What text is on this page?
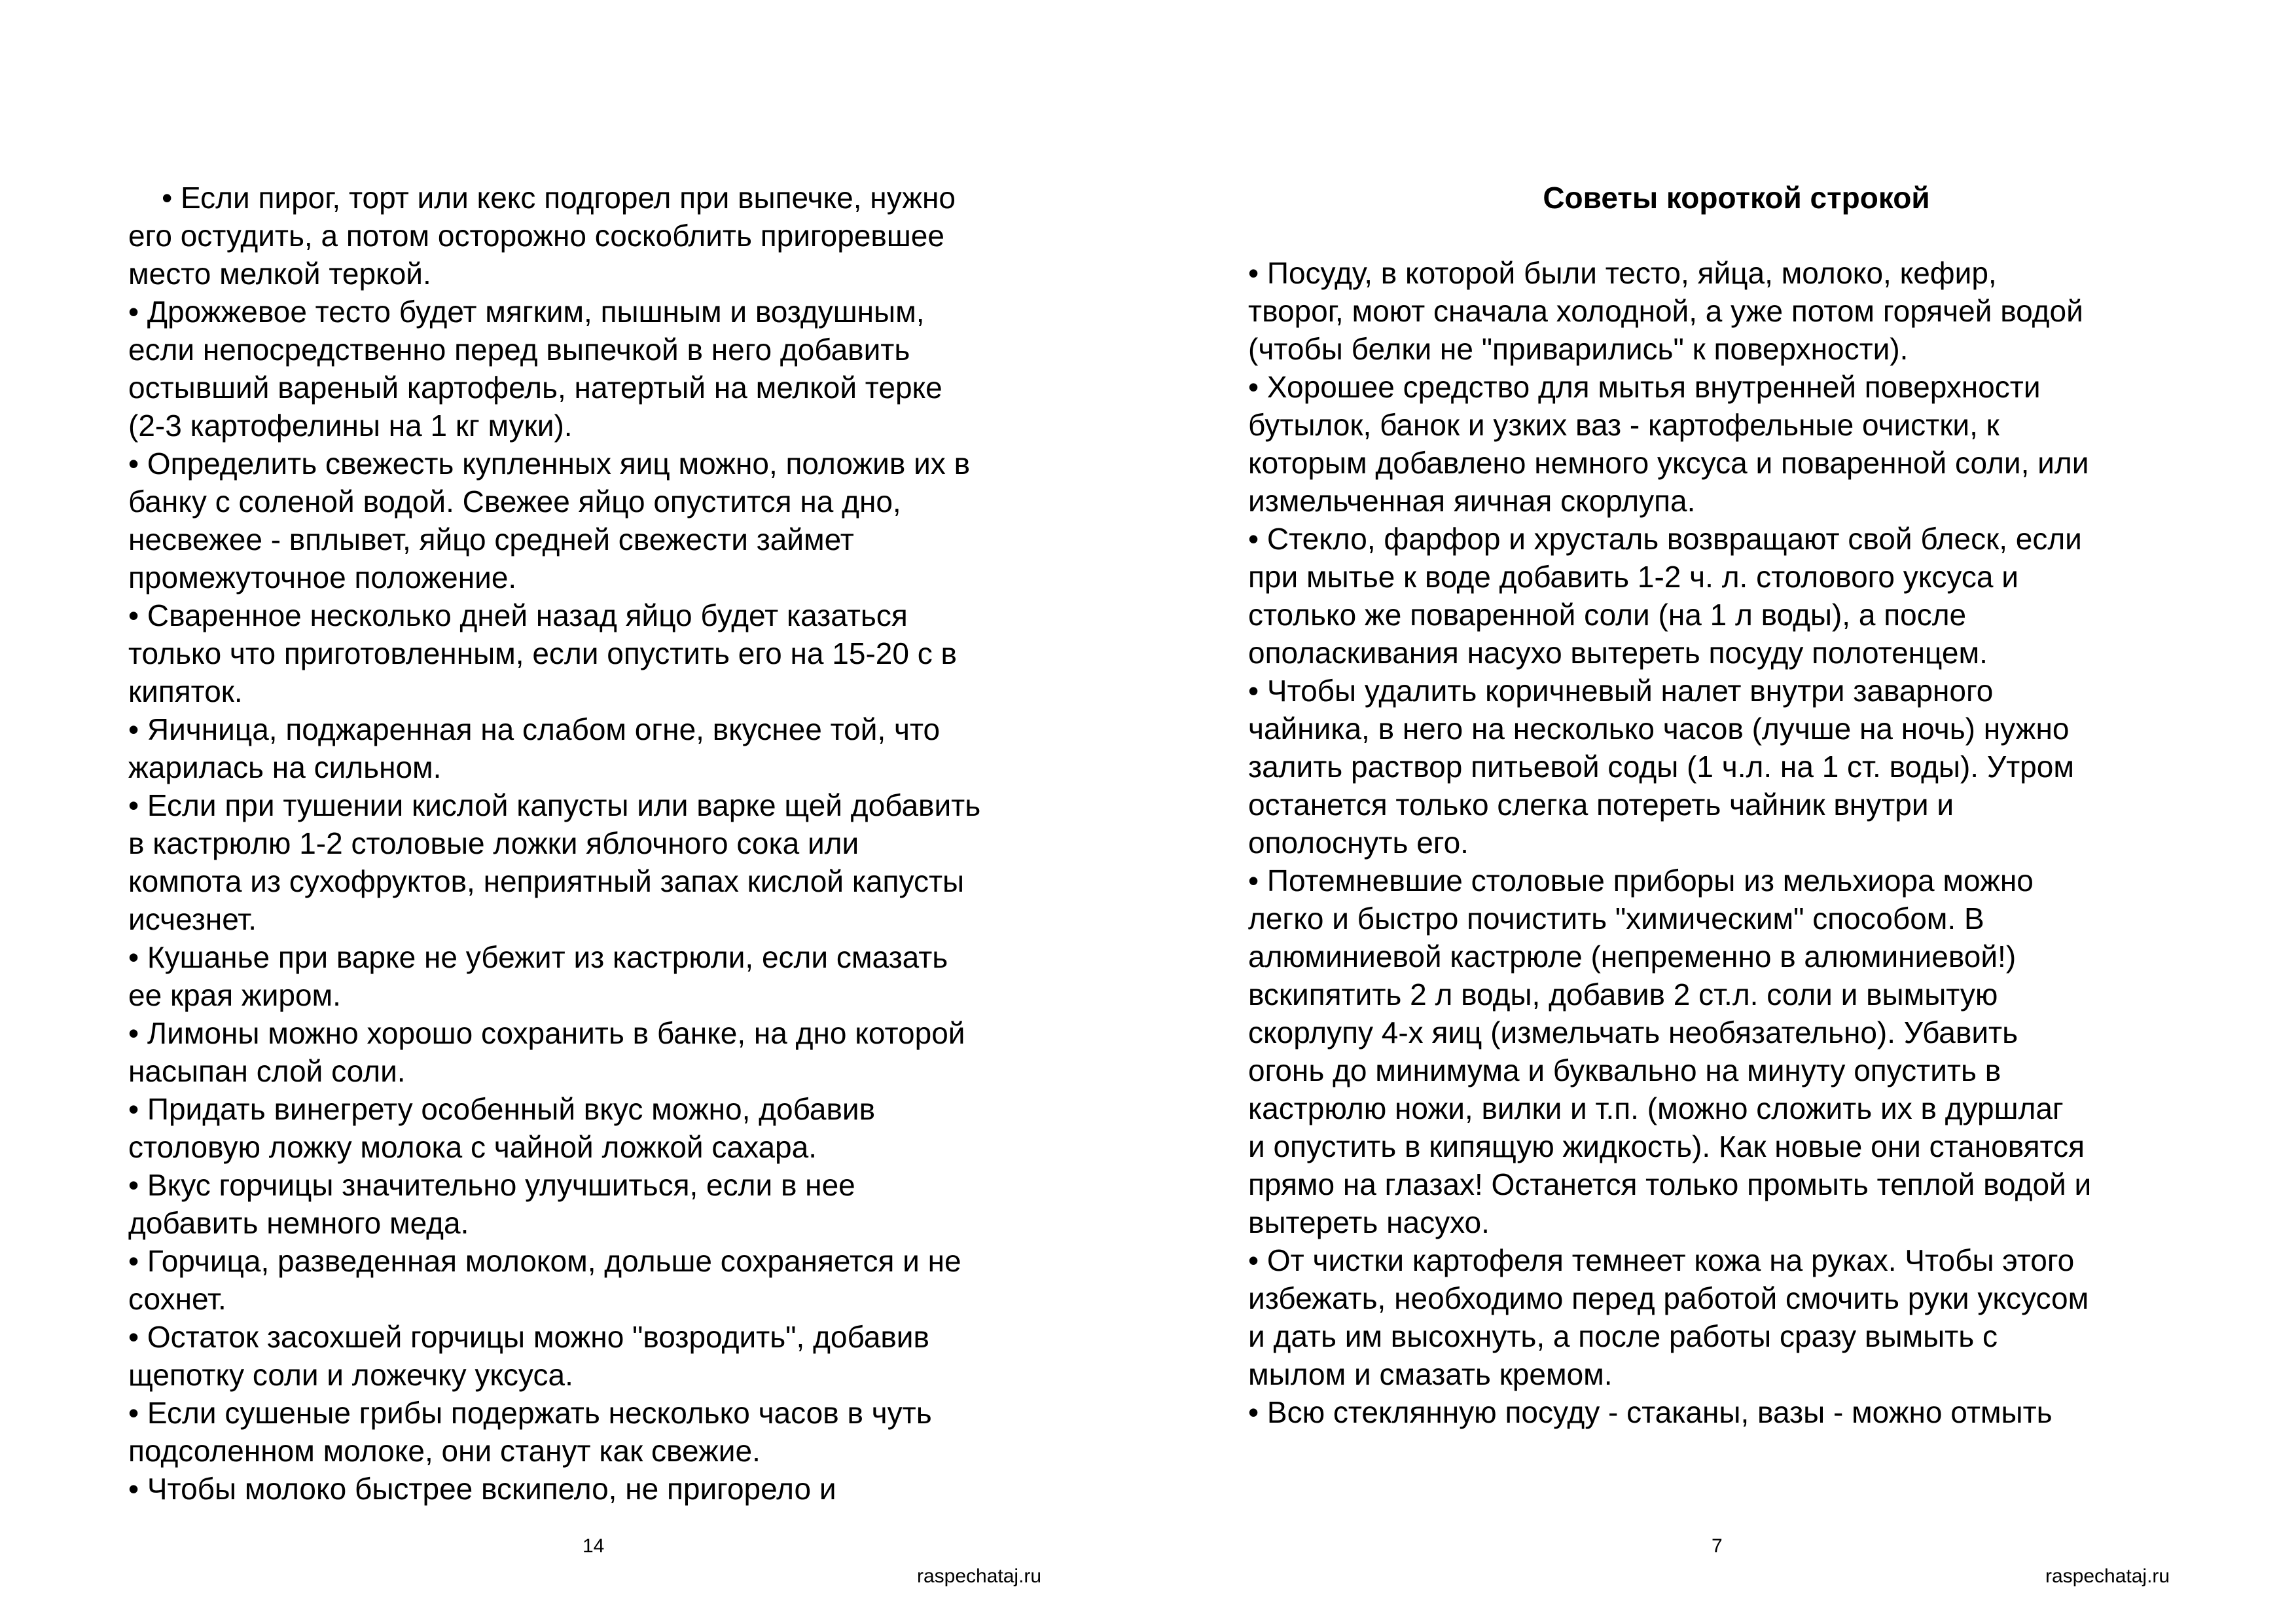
• Если пирог, торт или кекс подгорел при выпечке, нужно
его остудить, а потом осторожно соскоблить пригоревшее
место мелкой теркой.
• Дрожжевое тесто будет мягким, пышным и воздушным,
если непосредственно перед выпечкой в него добавить
остывший вареный картофель, натертый на мелкой терке
(2-3 картофелины на 1 кг муки).
• Определить свежесть купленных яиц можно, положив их в
банку с соленой водой. Свежее яйцо опустится на дно,
несвежее - вплывет, яйцо средней свежести займет
промежуточное положение.
• Сваренное несколько дней назад яйцо будет казаться
только что приготовленным, если опустить его на 15-20 с в
кипяток.
• Яичница, поджаренная на слабом огне, вкуснее той, что
жарилась на сильном.
• Если при тушении кислой капусты или варке щей добавить
в кастрюлю 1-2 столовые ложки яблочного сока или
компота из сухофруктов, неприятный запах кислой капусты
исчезнет.
• Кушанье при варке не убежит из кастрюли, если смазать
ее края жиром.
• Лимоны можно хорошо сохранить в банке, на дно которой
насыпан слой соли.
• Придать винегрету особенный вкус можно, добавив
столовую ложку молока с чайной ложкой сахара.
• Вкус горчицы значительно улучшиться, если в нее
добавить немного меда.
• Горчица, разведенная молоком, дольше сохраняется и не
сохнет.
• Остаток засохшей горчицы можно "возродить", добавив
щепотку соли и ложечку уксуса.
• Если сушеные грибы подержать несколько часов в чуть
подсоленном молоке, они станут как свежие.
• Чтобы молоко быстрее вскипело, не пригорело и
14
raspechataj.ru
Советы короткой строкой
• Посуду, в которой были тесто, яйца, молоко, кефир,
творог, моют сначала холодной, а уже потом горячей водой
(чтобы белки не "приварились" к поверхности).
• Хорошее средство для мытья внутренней поверхности
бутылок, банок и узких ваз - картофельные очистки, к
которым добавлено немного уксуса и поваренной соли, или
измельченная яичная скорлупа.
• Стекло, фарфор и хрусталь возвращают свой блеск, если
при мытье к воде добавить 1-2 ч. л. столового уксуса и
столько же поваренной соли (на 1 л воды), а после
ополаскивания насухо вытереть посуду полотенцем.
• Чтобы удалить коричневый налет внутри заварного
чайника, в него на несколько часов (лучше на ночь) нужно
залить раствор питьевой соды (1 ч.л. на 1 ст. воды). Утром
останется только слегка потереть чайник внутри и
ополоснуть его.
• Потемневшие столовые приборы из мельхиора можно
легко и быстро почистить "химическим" способом. В
алюминиевой кастрюле (непременно в алюминиевой!)
вскипятить 2 л воды, добавив 2 ст.л. соли и вымытую
скорлупу 4-х яиц (измельчать необязательно). Убавить
огонь до минимума и буквально на минуту опустить в
кастрюлю ножи, вилки и т.п. (можно сложить их в дуршлаг
и опустить в кипящую жидкость). Как новые они становятся
прямо на глазах! Останется только промыть теплой водой и
вытереть насухо.
• От чистки картофеля темнеет кожа на руках. Чтобы этого
избежать, необходимо перед работой смочить руки уксусом
и дать им высохнуть, а после работы сразу вымыть с
мылом и смазать кремом.
• Всю стеклянную посуду - стаканы, вазы - можно отмыть
7
raspechataj.ru
